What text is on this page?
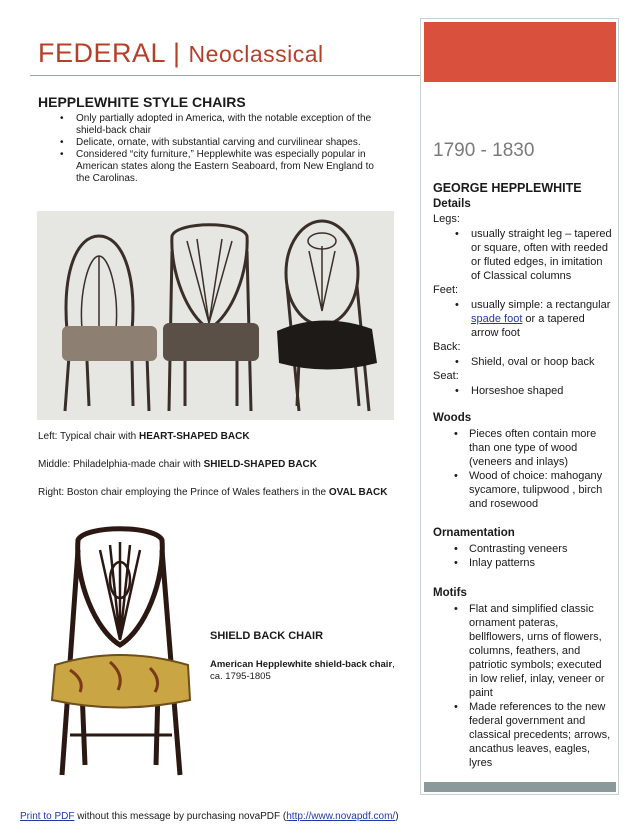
FEDERAL | Neoclassical
1790 - 1830
GEORGE HEPPLEWHITE
Details
Legs:
• usually straight leg – tapered or square, often with reeded or fluted edges, in imitation of Classical columns
Feet:
• usually simple: a rectangular spade foot or a tapered arrow foot
Back:
• Shield, oval or hoop back
Seat:
• Horseshoe shaped
Woods
• Pieces often contain more than one type of wood (veneers and inlays)
• Wood of choice: mahogany sycamore, tulipwood , birch and rosewood
Ornamentation
• Contrasting veneers
• Inlay patterns
Motifs
• Flat and simplified classic ornament pateras, bellflowers, urns of flowers, columns, feathers, and patriotic symbols; executed in low relief, inlay, veneer or paint
• Made references to the new federal government and classical precedents; arrows, ancathus leaves, eagles, lyres
HEPPLEWHITE STYLE CHAIRS
• Only partially adopted in America, with the notable exception of the shield-back chair
• Delicate, ornate, with substantial carving and curvilinear shapes.
• Considered “city furniture,” Hepplewhite was especially popular in American states along the Eastern Seaboard, from New England to the Carolinas.
Left: Typical chair with HEART-SHAPED BACK
Middle: Philadelphia-made chair with SHIELD-SHAPED BACK
Right: Boston chair employing the Prince of Wales feathers in the OVAL BACK
SHIELD BACK CHAIR
American Hepplewhite shield-back chair,
ca. 1795-1805
Print to PDF without this message by purchasing novaPDF (http://www.novapdf.com/)
